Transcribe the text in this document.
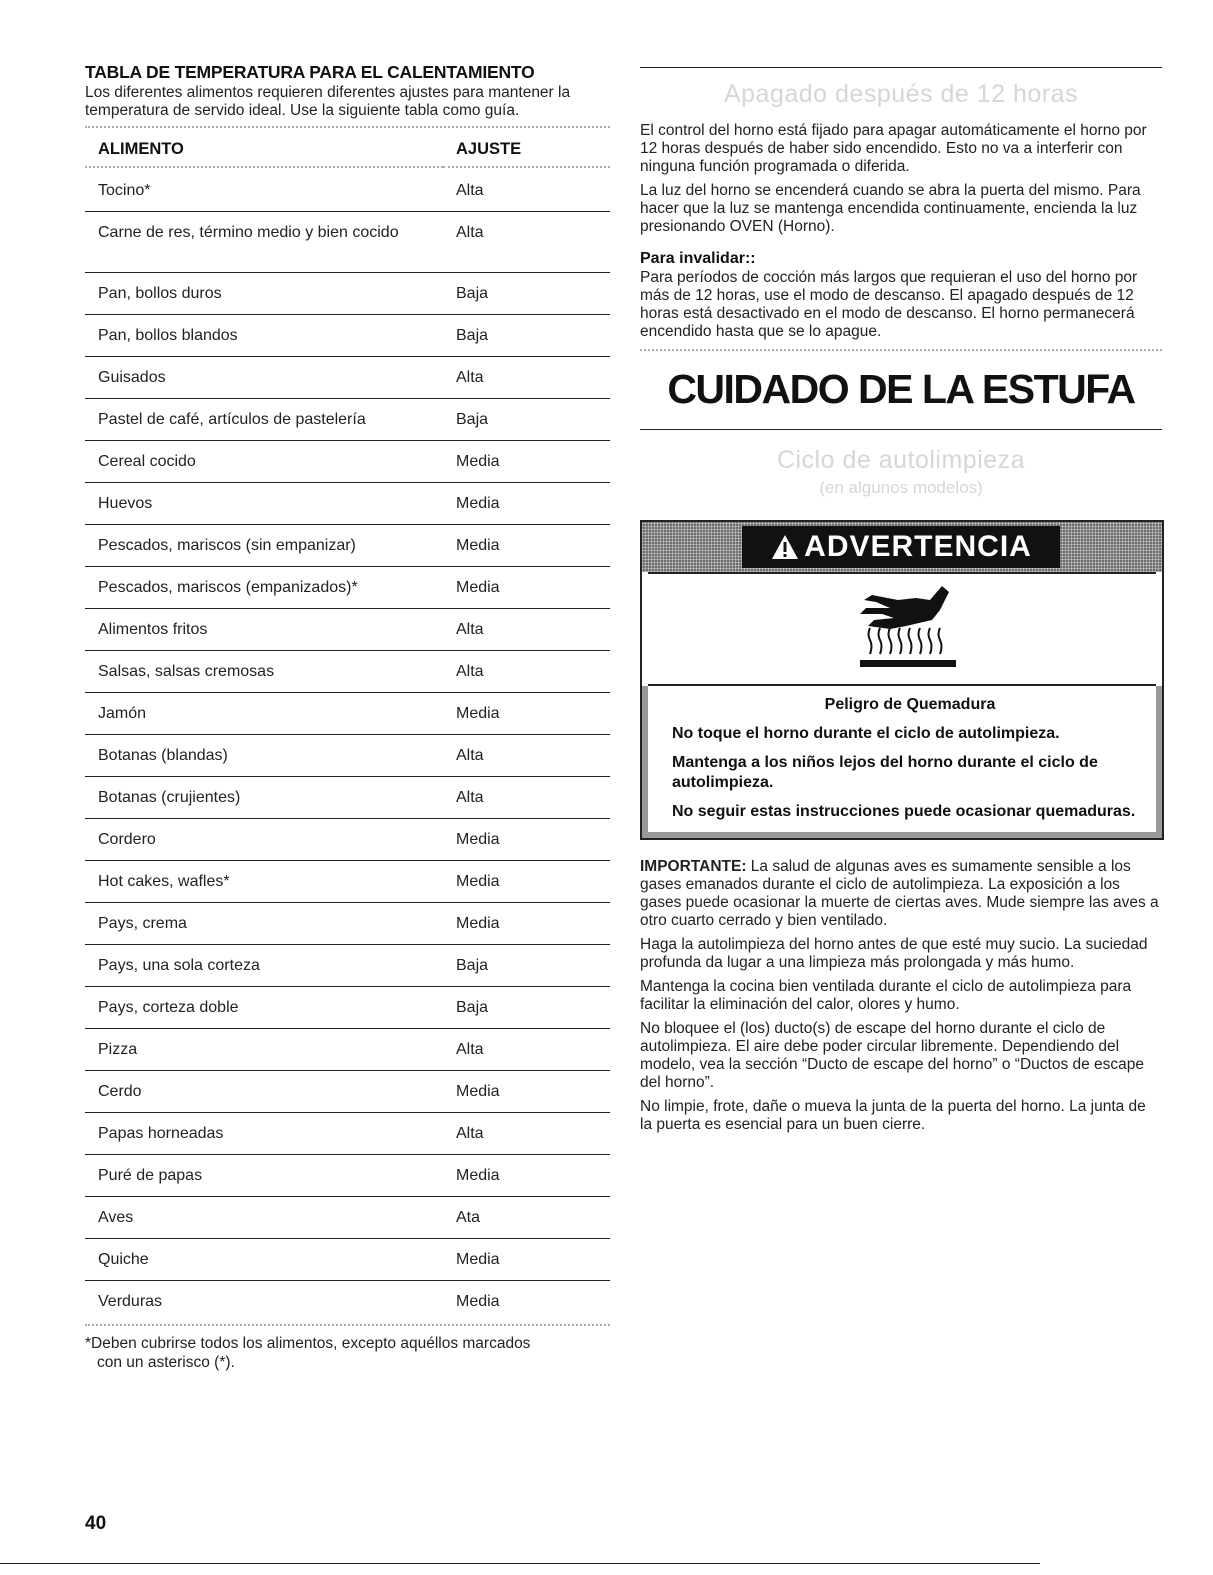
TABLA DE TEMPERATURA PARA EL CALENTAMIENTO

Los diferentes alimentos requieren diferentes ajustes para mantener la temperatura de servido ideal. Use la siguiente tabla como guía.

ALIMENTO	AJUSTE

Tocino*	Alta
Carne de res, término medio y bien cocido	Alta
Pan, bollos duros	Baja
Pan, bollos blandos	Baja
Guisados	Alta
Pastel de café, artículos de pastelería	Baja
Cereal cocido	Media
Huevos	Media
Pescados, mariscos (sin empanizar)	Media
Pescados, mariscos (empanizados)*	Media
Alimentos fritos	Alta
Salsas, salsas cremosas	Alta
Jamón	Media
Botanas (blandas)	Alta
Botanas (crujientes)	Alta
Cordero	Media
Hot cakes, wafles*	Media
Pays, crema	Media
Pays, una sola corteza	Baja
Pays, corteza doble	Baja
Pizza	Alta
Cerdo	Media
Papas horneadas	Alta
Puré de papas	Media
Aves	Ata
Quiche	Media
Verduras	Media

*Deben cubrirse todos los alimentos, excepto aquéllos marcados
con un asterisco (*).

40
Apagado después de 12 horas

El control del horno está fijado para apagar automáticamente el horno por 12 horas después de haber sido encendido. Esto no va a interferir con ninguna función programada o diferida.

La luz del horno se encenderá cuando se abra la puerta del mismo. Para hacer que la luz se mantenga encendida continuamente, encienda la luz presionando OVEN (Horno).

Para invalidar::

Para períodos de cocción más largos que requieran el uso del horno por más de 12 horas, use el modo de descanso. El apagado después de 12 horas está desactivado en el modo de descanso. El horno permanecerá encendido hasta que se lo apague.

CUIDADO DE LA ESTUFA
Ciclo de autolimpieza
(en algunos modelos)
ADVERTENCIA
Peligro de Quemadura

No toque el horno durante el ciclo de autolimpieza.

Mantenga a los niños lejos del horno durante el ciclo de autolimpieza.

No seguir estas instrucciones puede ocasionar quemaduras.

IMPORTANTE: La salud de algunas aves es sumamente sensible a los gases emanados durante el ciclo de autolimpieza. La exposición a los gases puede ocasionar la muerte de ciertas aves. Mude siempre las aves a otro cuarto cerrado y bien ventilado.

Haga la autolimpieza del horno antes de que esté muy sucio. La suciedad profunda da lugar a una limpieza más prolongada y más humo.

Mantenga la cocina bien ventilada durante el ciclo de autolimpieza para facilitar la eliminación del calor, olores y humo.

No bloquee el (los) ducto(s) de escape del horno durante el ciclo de autolimpieza. El aire debe poder circular libremente. Dependiendo del modelo, vea la sección “Ducto de escape del horno” o “Ductos de escape del horno”.

No limpie, frote, dañe o mueva la junta de la puerta del horno. La junta de la puerta es esencial para un buen cierre.
